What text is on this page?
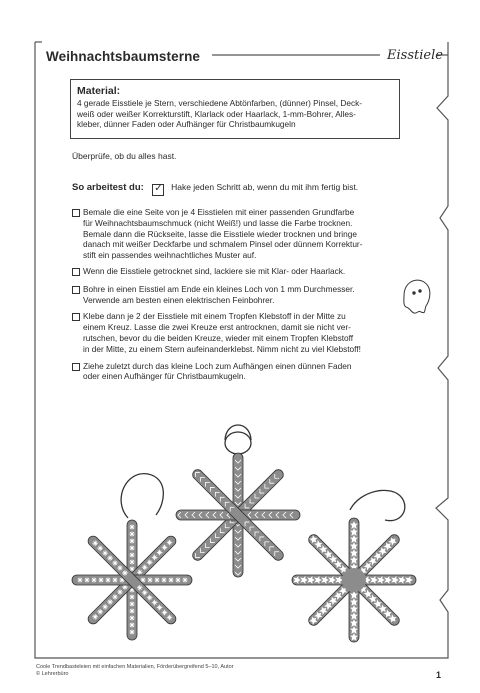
Weihnachtsbaumsterne	Eisstiele
Material:
4 gerade Eisstiele je Stern, verschiedene Abtönfarben, (dünner) Pinsel, Deck-
weiß oder weißer Korrekturstift, Klarlack oder Haarlack, 1-mm-Bohrer, Alles-
kleber, dünner Faden oder Aufhänger für Christbaumkugeln
Überprüfe, ob du alles hast.
So arbeitest du: ✓ Hake jeden Schritt ab, wenn du mit ihm fertig bist.
Bemale die eine Seite von je 4 Eisstielen mit einer passenden Grundfarbe
für Weihnachtsbaumschmuck (nicht Weiß!) und lasse die Farbe trocknen.
Bemale dann die Rückseite, lasse die Eisstiele wieder trocknen und bringe
danach mit weißer Deckfarbe und schmalem Pinsel oder dünnem Korrektur-
stift ein passendes weihnachtliches Muster auf.
Wenn die Eisstiele getrocknet sind, lackiere sie mit Klar- oder Haarlack.
Bohre in einen Eisstiel am Ende ein kleines Loch von 1 mm Durchmesser.
Verwende am besten einen elektrischen Feinbohrer.
Klebe dann je 2 der Eisstiele mit einem Tropfen Klebstoff in der Mitte zu
einem Kreuz. Lasse die zwei Kreuze erst antrocknen, damit sie nicht ver-
rutschen, bevor du die beiden Kreuze, wieder mit einem Tropfen Klebstoff
in der Mitte, zu einem Stern aufeinanderklebst. Nimm nicht zu viel Klebstoff!
Ziehe zuletzt durch das kleine Loch zum Aufhängen einen dünnen Faden
oder einen Aufhänger für Christbaumkugeln.
Coole Trendbasteleien mit einfachen Materialien, Förderübergreifend 5–10, Autor
© Lehrerbüro	1
